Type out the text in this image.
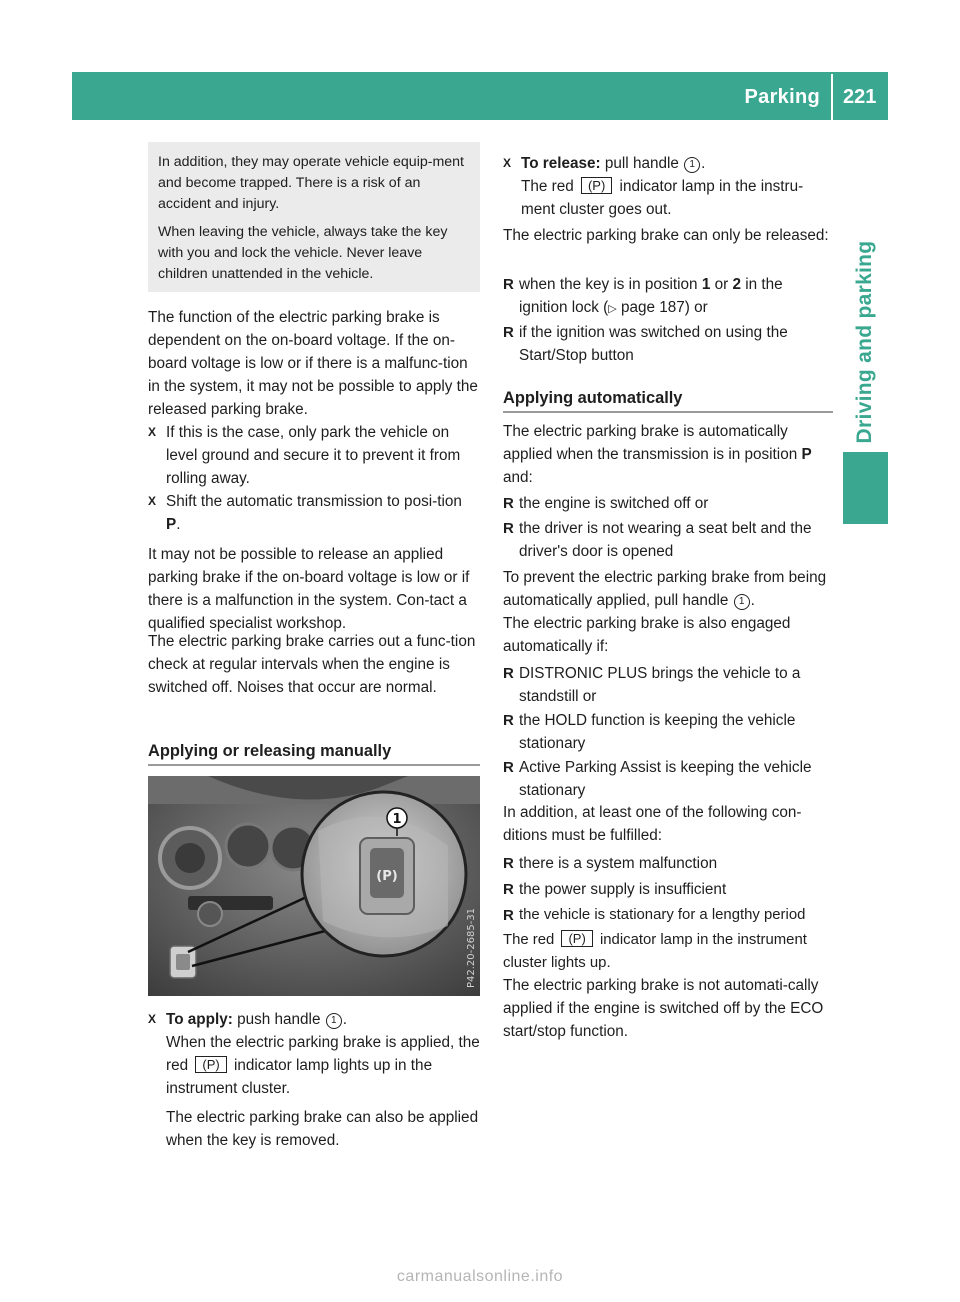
Parking 221
Driving and parking

In addition, they may operate vehicle equip-ment and become trapped. There is a risk of an accident and injury.

When leaving the vehicle, always take the key with you and lock the vehicle. Never leave children unattended in the vehicle.

The function of the electric parking brake is dependent on the on-board voltage. If the on-board voltage is low or if there is a malfunc-tion in the system, it may not be possible to apply the released parking brake.

X If this is the case, only park the vehicle on level ground and secure it to prevent it from rolling away.
X Shift the automatic transmission to posi-tion P.

It may not be possible to release an applied parking brake if the on-board voltage is low or if there is a malfunction in the system. Con-tact a qualified specialist workshop.

The electric parking brake carries out a func-tion check at regular intervals when the engine is switched off. Noises that occur are normal.

Applying or releasing manually
(P)
1
P42.20-2685-31
X To apply: push handle 1 .
When the electric parking brake is applied, the red (P) indicator lamp lights up in the instrument cluster.
The electric parking brake can also be applied when the key is removed.
X To release: pull handle 1 .
The red (P) indicator lamp in the instru-ment cluster goes out.

The electric parking brake can only be released:

R when the key is in position 1 or 2 in the ignition lock (▷ page 187) or
R if the ignition was switched on using the Start/Stop button
Applying automatically

The electric parking brake is automatically applied when the transmission is in position P and:

R the engine is switched off or
R the driver is not wearing a seat belt and the driver's door is opened

To prevent the electric parking brake from being automatically applied, pull handle 1 .

The electric parking brake is also engaged automatically if:

R DISTRONIC PLUS brings the vehicle to a standstill or
R the HOLD function is keeping the vehicle stationary
R Active Parking Assist is keeping the vehicle stationary

In addition, at least one of the following con-ditions must be fulfilled:

R there is a system malfunction
R the power supply is insufficient
R the vehicle is stationary for a lengthy period

The red (P) indicator lamp in the instrument cluster lights up.

The electric parking brake is not automati-cally applied if the engine is switched off by the ECO start/stop function.

carmanualsonline.info
